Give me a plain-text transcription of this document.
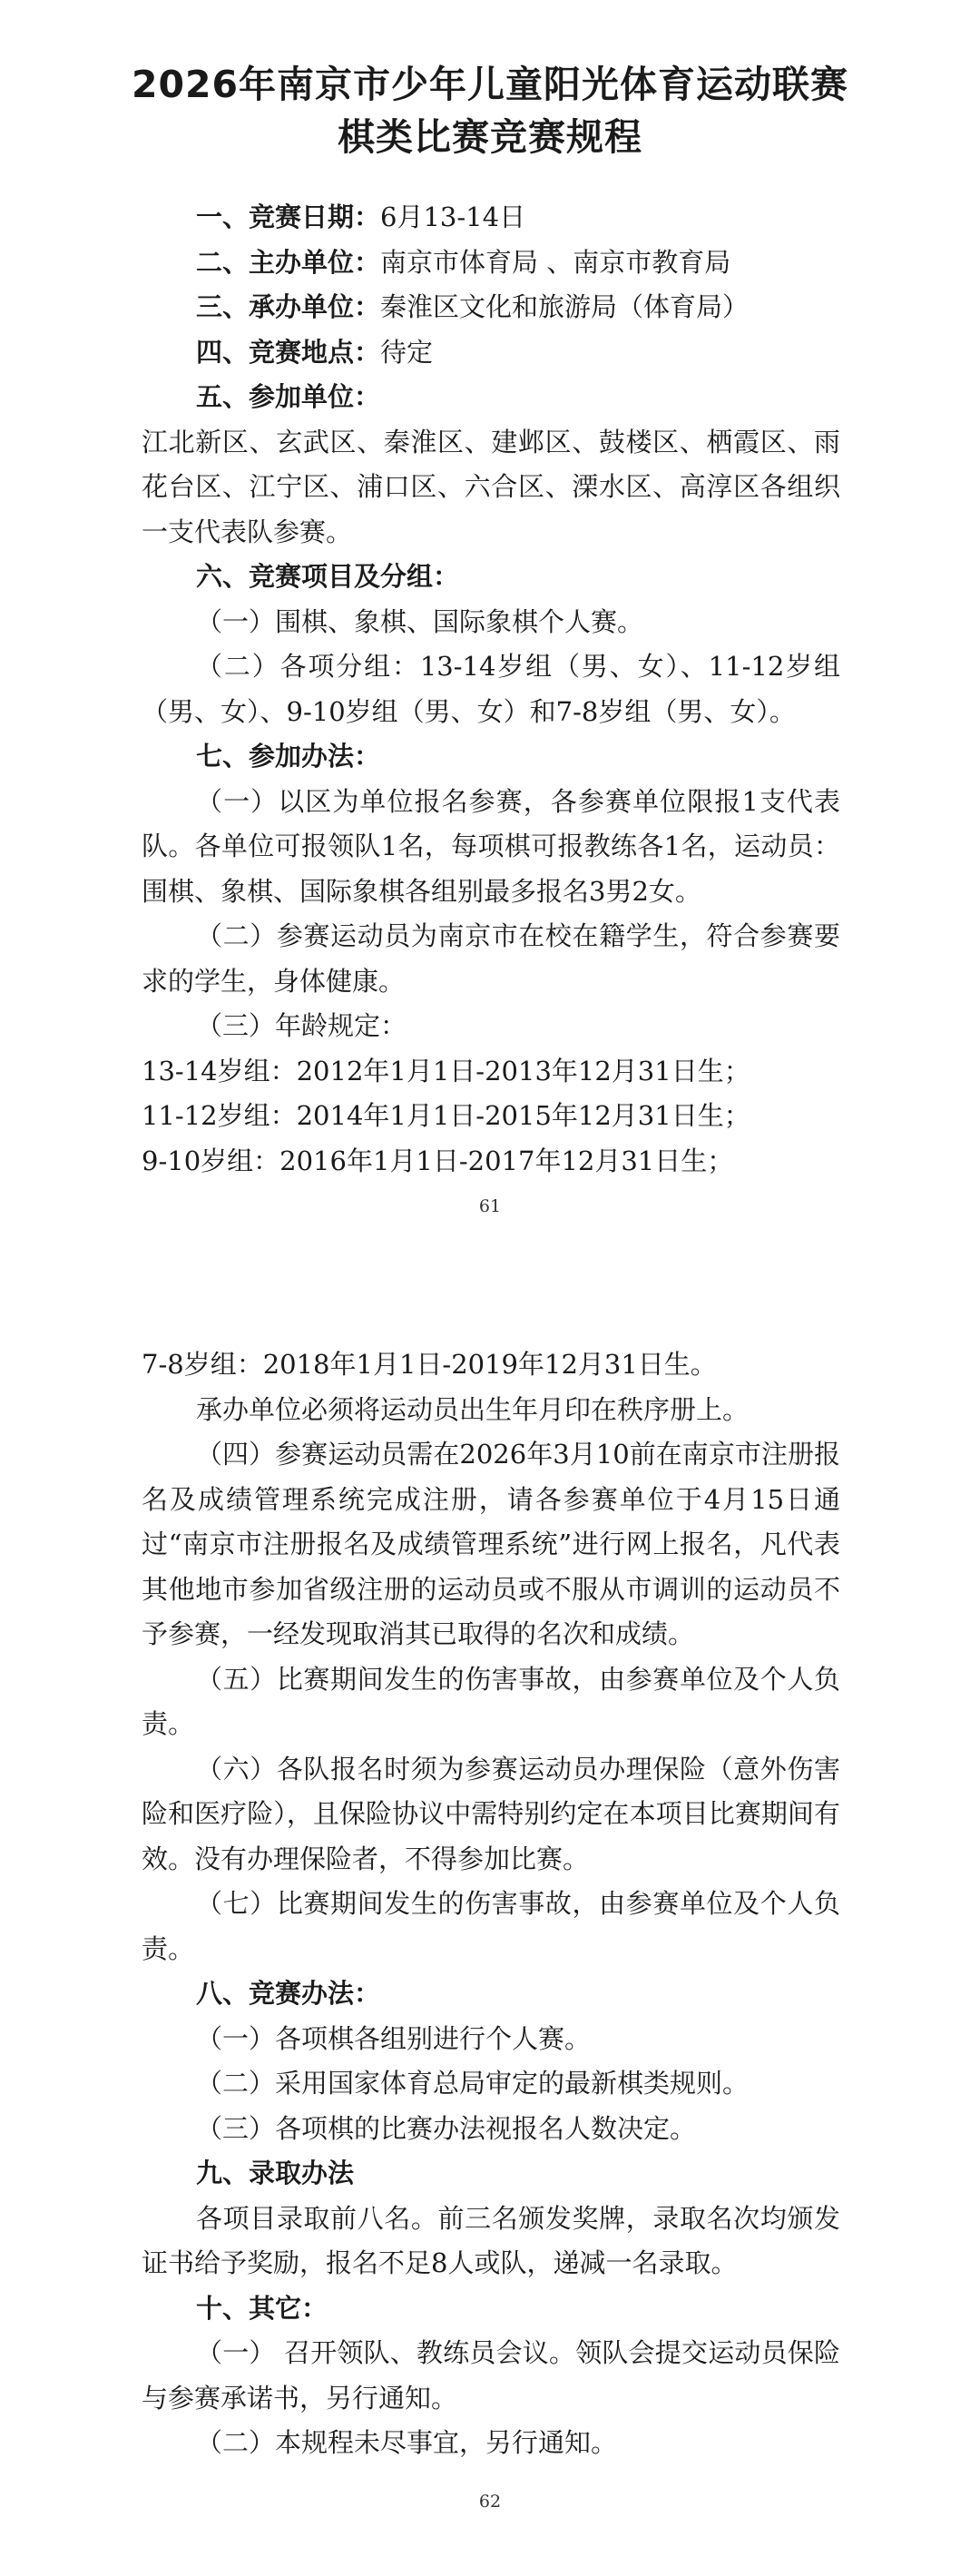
2026年南京市少年儿童阳光体育运动联赛

棋类比赛竞赛规程

一、竞赛日期：6月13-14日
二、主办单位：南京市体育局 、南京市教育局
三、承办单位：秦淮区文化和旅游局（体育局）
四、竞赛地点：待定
五、参加单位：
江北新区、玄武区、秦淮区、建邺区、鼓楼区、栖霞区、雨花台区、江宁区、浦口区、六合区、溧水区、高淳区各组织一支代表队参赛。
六、竞赛项目及分组：
（一）围棋、象棋、国际象棋个人赛。
（二）各项分组：13-14岁组（男、女）、11-12岁组（男、女）、9-10岁组（男、女）和7-8岁组（男、女）。
七、参加办法：
（一）以区为单位报名参赛，各参赛单位限报1支代表队。各单位可报领队1名，每项棋可报教练各1名，运动员：围棋、象棋、国际象棋各组别最多报名3男2女。
（二）参赛运动员为南京市在校在籍学生，符合参赛要求的学生，身体健康。
（三）年龄规定：
13-14岁组：2012年1月1日-2013年12月31日生；
11-12岁组：2014年1月1日-2015年12月31日生；
9-10岁组：2016年1月1日-2017年12月31日生；
61
7-8岁组：2018年1月1日-2019年12月31日生。
承办单位必须将运动员出生年月印在秩序册上。
（四）参赛运动员需在2026年3月10前在南京市注册报名及成绩管理系统完成注册，请各参赛单位于4月15日通过“南京市注册报名及成绩管理系统”进行网上报名，凡代表其他地市参加省级注册的运动员或不服从市调训的运动员不予参赛，一经发现取消其已取得的名次和成绩。
（五）比赛期间发生的伤害事故，由参赛单位及个人负责。
（六）各队报名时须为参赛运动员办理保险（意外伤害险和医疗险），且保险协议中需特别约定在本项目比赛期间有效。没有办理保险者，不得参加比赛。
（七）比赛期间发生的伤害事故，由参赛单位及个人负责。
八、竞赛办法：
（一）各项棋各组别进行个人赛。
（二）采用国家体育总局审定的最新棋类规则。
（三）各项棋的比赛办法视报名人数决定。
九、录取办法
各项目录取前八名。前三名颁发奖牌，录取名次均颁发证书给予奖励，报名不足8人或队，递减一名录取。
十、其它：
（一） 召开领队、教练员会议。领队会提交运动员保险与参赛承诺书，另行通知。
（二）本规程未尽事宜，另行通知。
62
